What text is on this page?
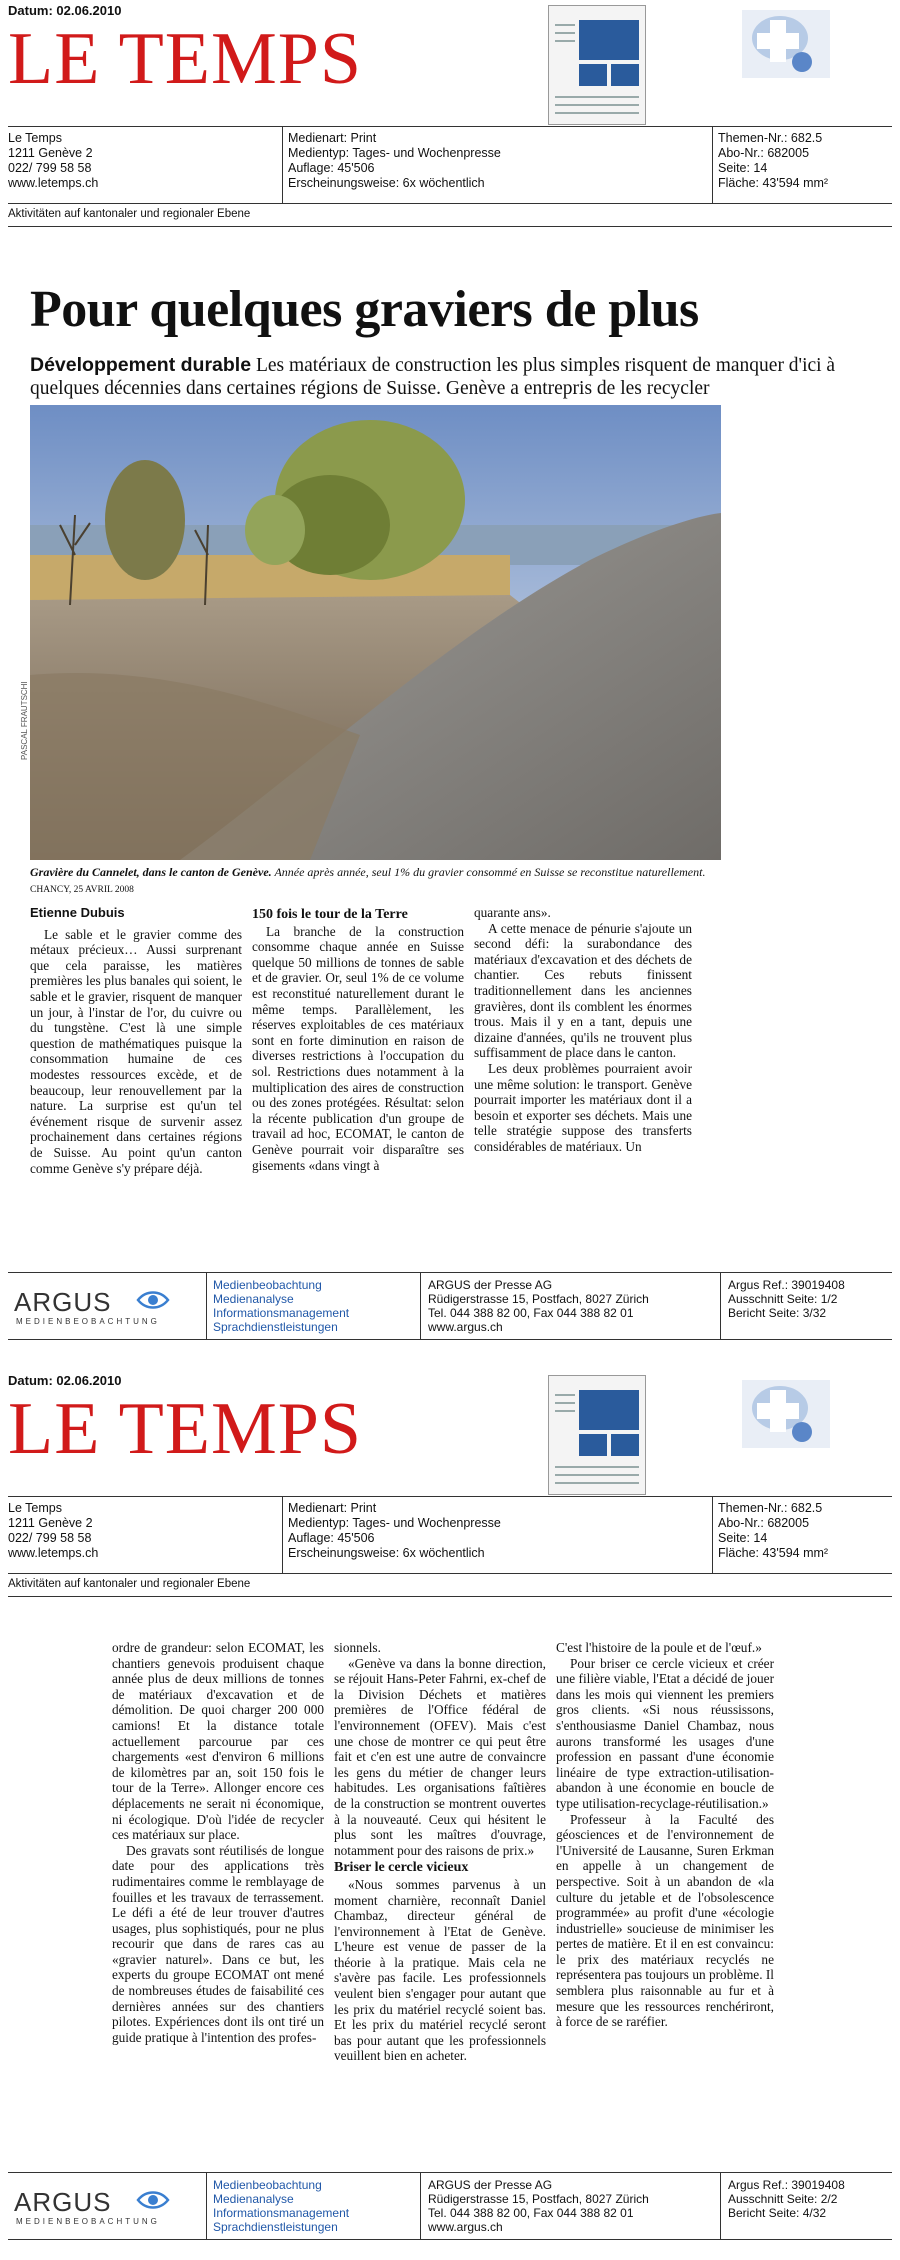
Datum: 02.06.2010
LE TEMPS
Le Temps
1211 Genève 2
022/ 799 58 58
www.letemps.ch
Medienart: Print
Medientyp: Tages- und Wochenpresse
Auflage: 45'506
Erscheinungsweise: 6x wöchentlich
Themen-Nr.: 682.5
Abo-Nr.: 682005
Seite: 14
Fläche: 43'594 mm²
Aktivitäten auf kantonaler und regionaler Ebene
Pour quelques graviers de plus
Développement durable Les matériaux de construction les plus simples risquent de manquer d'ici à quelques décennies dans certaines régions de Suisse. Genève a entrepris de les recycler
PASCAL FRAUTSCHI
Gravière du Cannelet, dans le canton de Genève. Année après année, seul 1% du gravier consommé en Suisse se reconstitue naturellement. CHANCY, 25 AVRIL 2008
Etienne Dubuis

Le sable et le gravier comme des métaux précieux… Aussi surprenant que cela paraisse, les matières premières les plus banales qui soient, le sable et le gravier, risquent de manquer un jour, à l'instar de l'or, du cuivre ou du tungstène. C'est là une simple question de mathématiques puisque la consommation humaine de ces modestes ressources excède, et de beaucoup, leur renouvellement par la nature. La surprise est qu'un tel événement risque de survenir assez prochainement dans certaines régions de Suisse. Au point qu'un canton comme Genève s'y prépare déjà.

150 fois le tour de la Terre

La branche de la construction consomme chaque année en Suisse quelque 50 millions de tonnes de sable et de gravier. Or, seul 1% de ce volume est reconstitué naturellement durant le même temps. Parallèlement, les réserves exploitables de ces matériaux sont en forte diminution en raison de diverses restrictions à l'occupation du sol. Restrictions dues notamment à la multiplication des aires de construction ou des zones protégées. Résultat: selon la récente publication d'un groupe de travail ad hoc, ECOMAT, le canton de Genève pourrait voir disparaître ses gisements «dans vingt à

quarante ans».

A cette menace de pénurie s'ajoute un second défi: la surabondance des matériaux d'excavation et des déchets de chantier. Ces rebuts finissent traditionnellement dans les anciennes gravières, dont ils comblent les énormes trous. Mais il y en a tant, depuis une dizaine d'années, qu'ils ne trouvent plus suffisamment de place dans le canton.

Les deux problèmes pourraient avoir une même solution: le transport. Genève pourrait importer les matériaux dont il a besoin et exporter ses déchets. Mais une telle stratégie suppose des transferts considérables de matériaux. Un

ARGUS
MEDIENBEOBACHTUNG
Medienbeobachtung
Medienanalyse
Informationsmanagement
Sprachdienstleistungen
ARGUS der Presse AG
Rüdigerstrasse 15, Postfach, 8027 Zürich
Tel. 044 388 82 00, Fax 044 388 82 01
www.argus.ch
Argus Ref.: 39019408
Ausschnitt Seite: 1/2
Bericht Seite: 3/32
Datum: 02.06.2010
LE TEMPS
Le Temps
1211 Genève 2
022/ 799 58 58
www.letemps.ch
Medienart: Print
Medientyp: Tages- und Wochenpresse
Auflage: 45'506
Erscheinungsweise: 6x wöchentlich
Themen-Nr.: 682.5
Abo-Nr.: 682005
Seite: 14
Fläche: 43'594 mm²
Aktivitäten auf kantonaler und regionaler Ebene

ordre de grandeur: selon ECOMAT, les chantiers genevois produisent chaque année plus de deux millions de tonnes de matériaux d'excavation et de démolition. De quoi charger 200 000 camions! Et la distance totale actuellement parcourue par ces chargements «est d'environ 6 millions de kilomètres par an, soit 150 fois le tour de la Terre». Allonger encore ces déplacements ne serait ni économique, ni écologique. D'où l'idée de recycler ces matériaux sur place.

Des gravats sont réutilisés de longue date pour des applications très rudimentaires comme le remblayage de fouilles et les travaux de terrassement. Le défi a été de leur trouver d'autres usages, plus sophistiqués, pour ne plus recourir que dans de rares cas au «gravier naturel». Dans ce but, les experts du groupe ECOMAT ont mené de nombreuses études de faisabilité ces dernières années sur des chantiers pilotes. Expériences dont ils ont tiré un guide pratique à l'intention des profes-

sionnels.

«Genève va dans la bonne direction, se réjouit Hans-Peter Fahrni, ex-chef de la Division Déchets et matières premières de l'Office fédéral de l'environnement (OFEV). Mais c'est une chose de montrer ce qui peut être fait et c'en est une autre de convaincre les gens du métier de changer leurs habitudes. Les organisations faîtières de la construction se montrent ouvertes à la nouveauté. Ceux qui hésitent le plus sont les maîtres d'ouvrage, notamment pour des raisons de prix.»

Briser le cercle vicieux

«Nous sommes parvenus à un moment charnière, reconnaît Daniel Chambaz, directeur général de l'environnement à l'Etat de Genève. L'heure est venue de passer de la théorie à la pratique. Mais cela ne s'avère pas facile. Les professionnels veulent bien s'engager pour autant que les prix du matériel recyclé soient bas. Et les prix du matériel recyclé seront bas pour autant que les professionnels veuillent bien en acheter.

C'est l'histoire de la poule et de l'œuf.»

Pour briser ce cercle vicieux et créer une filière viable, l'Etat a décidé de jouer dans les mois qui viennent les premiers gros clients. «Si nous réussissons, s'enthousiasme Daniel Chambaz, nous aurons transformé les usages d'une profession en passant d'une économie linéaire de type extraction-utilisation-abandon à une économie en boucle de type utilisation-recyclage-réutilisation.»

Professeur à la Faculté des géosciences et de l'environnement de l'Université de Lausanne, Suren Erkman en appelle à un changement de perspective. Soit à un abandon de «la culture du jetable et de l'obsolescence programmée» au profit d'une «écologie industrielle» soucieuse de minimiser les pertes de matière. Et il en est convaincu: le prix des matériaux recyclés ne représentera pas toujours un problème. Il semblera plus raisonnable au fur et à mesure que les ressources renchériront, à force de se raréfier.

ARGUS
MEDIENBEOBACHTUNG
Medienbeobachtung
Medienanalyse
Informationsmanagement
Sprachdienstleistungen
ARGUS der Presse AG
Rüdigerstrasse 15, Postfach, 8027 Zürich
Tel. 044 388 82 00, Fax 044 388 82 01
www.argus.ch
Argus Ref.: 39019408
Ausschnitt Seite: 2/2
Bericht Seite: 4/32
